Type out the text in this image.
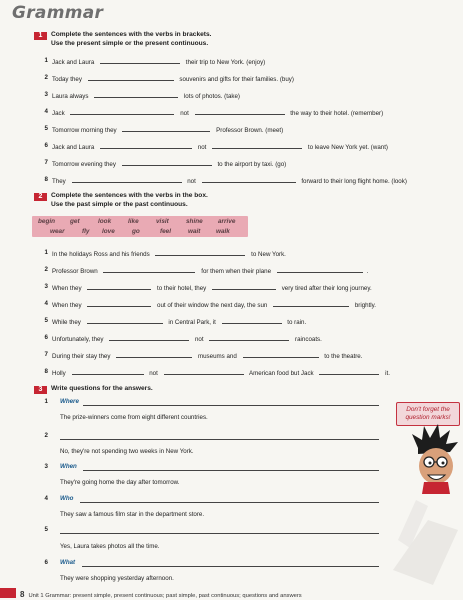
Grammar
1	Complete the sentences with the verbs in brackets.
Use the present simple or the present continuous.
1 Jack and Laura	their trip to New York. (enjoy)
2 Today they	souvenirs and gifts for their families. (buy)
3 Laura always	lots of photos. (take)
4 Jack	not	the way to their hotel. (remember)
5 Tomorrow morning they	Professor Brown. (meet)
6 Jack and Laura	not	to leave New York yet. (want)
7 Tomorrow evening they	to the airport by taxi. (go)
8 They	not	forward to their long flight home. (look)
2	Complete the sentences with the verbs in the box.
Use the past simple or the past continuous.
begin get	look	like	visit	shine arrive
wear	fly love	go	feel	wait walk
1 In the holidays Ross and his friends	to New York.
2 Professor Brown	for them when their plane	.
3 When they	to their hotel, they	very tired after their long journey.
4 When they	out of their window the next day, the sun	brightly.
5 While they	in Central Park, it	to rain.
6 Unfortunately, they	not	raincoats.
7 During their stay they	museums and	to the theatre.
8 Holly	not	American food but Jack	it.
3	Write questions for the answers.
1 Where
The prize-winners come from eight different countries.
2
No, they're not spending two weeks in New York.
3 When
They're going home the day after tomorrow.
4 Who
They saw a famous film star in the department store.
5
Yes, Laura takes photos all the time.
6 What
They were shopping yesterday afternoon.
Don't forget the question marks!
8 Unit 1 Grammar: present simple, present continuous; past simple, past continuous; questions and answers
